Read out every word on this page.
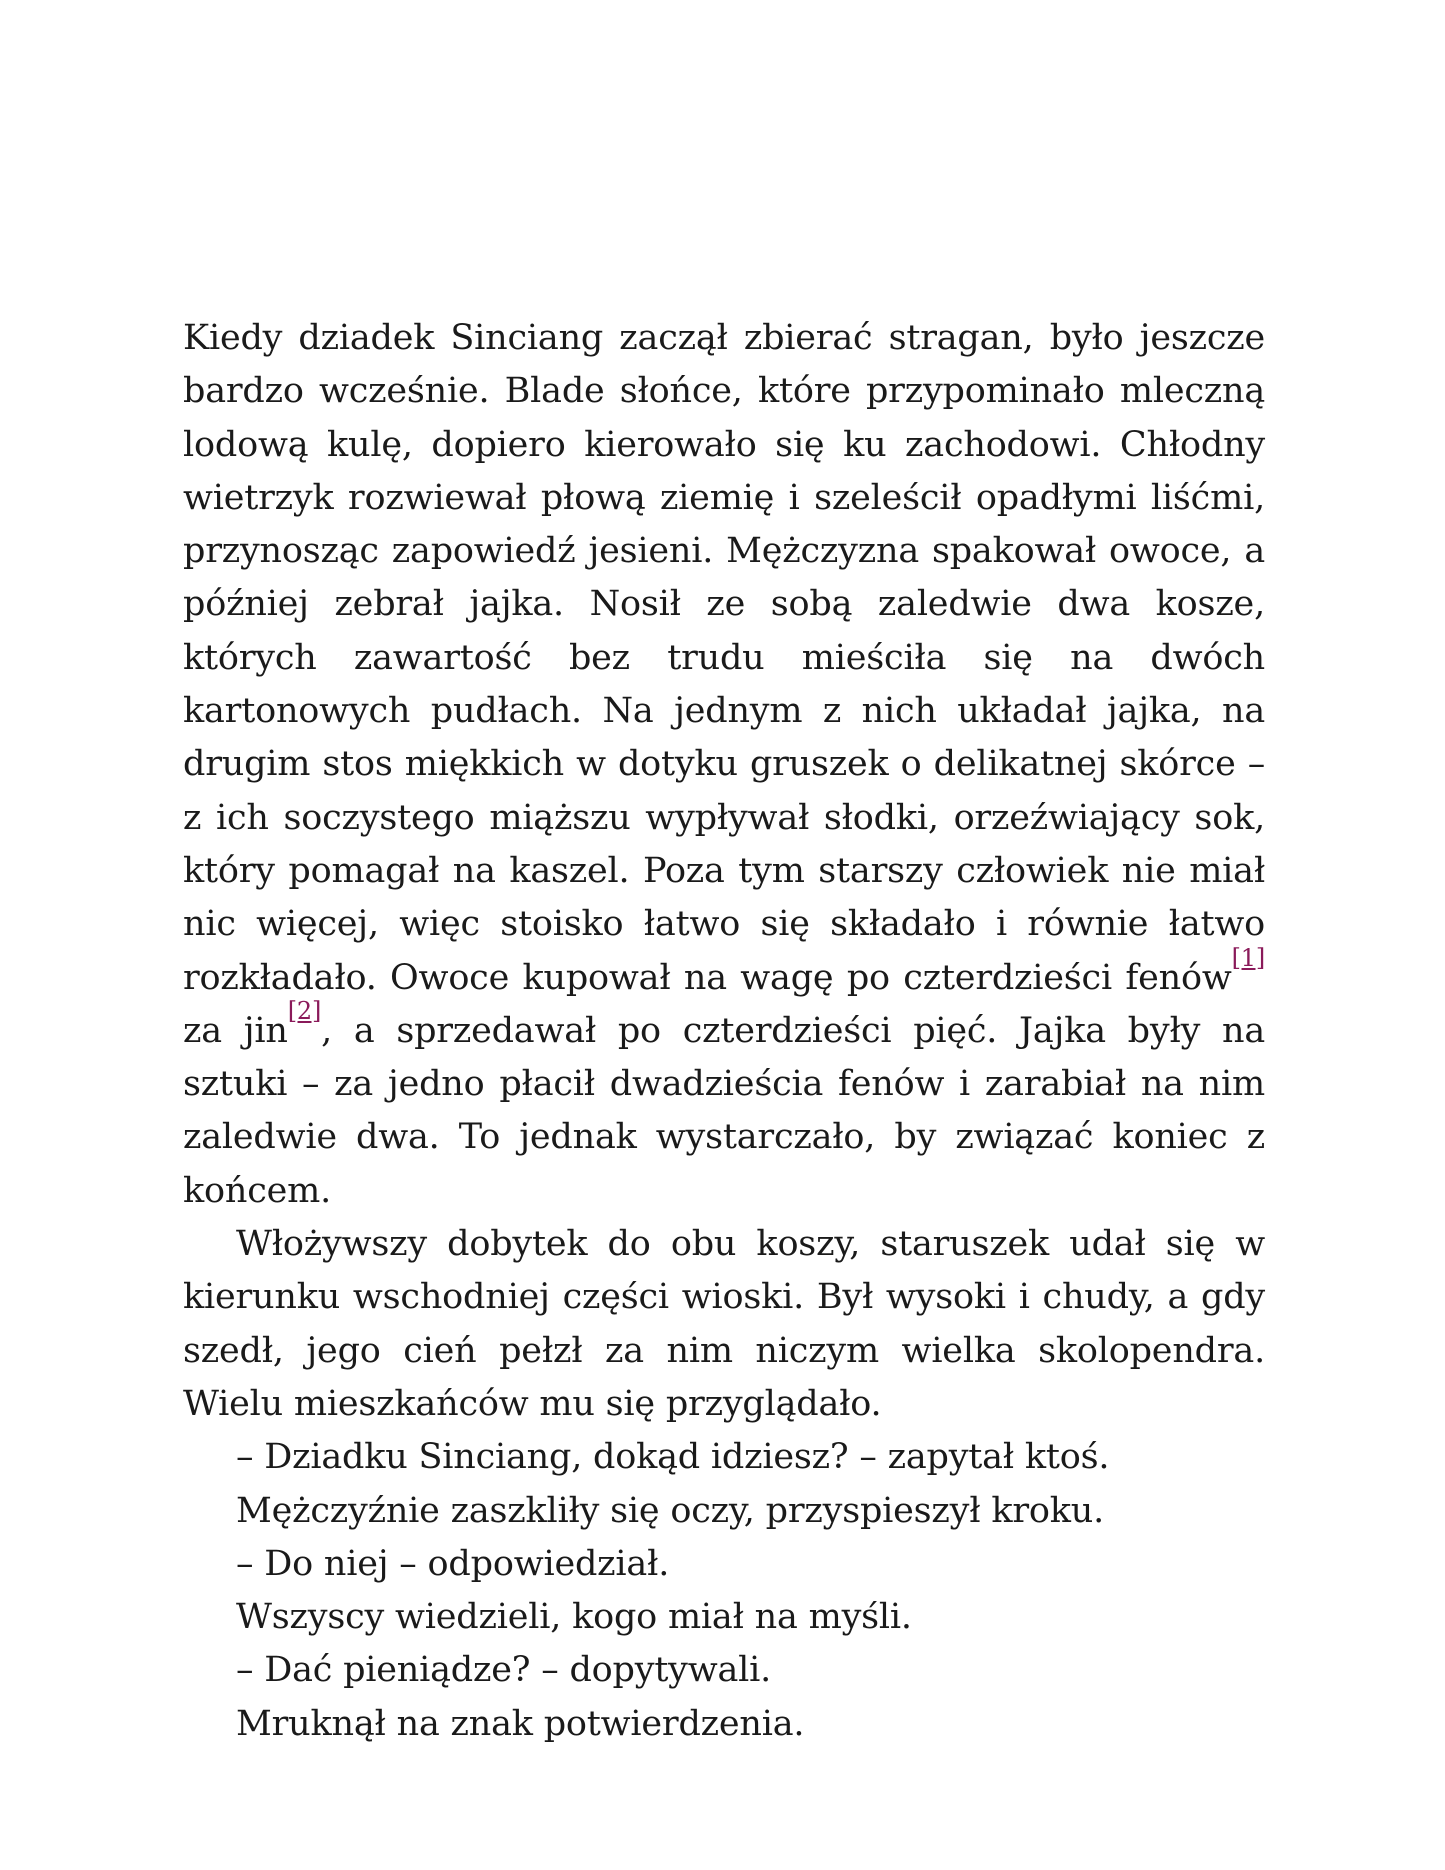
Kiedy dziadek Sinciang zaczął zbierać stragan, było jeszcze bardzo wcześnie. Blade słońce, które przypominało mleczną lodową kulę, dopiero kierowało się ku zachodowi. Chłodny wietrzyk rozwiewał płową ziemię i szeleścił opadłymi liśćmi, przynosząc zapowiedź jesieni. Mężczyzna spakował owoce, a później zebrał jajka. Nosił ze sobą zaledwie dwa kosze, których zawartość bez trudu mieściła się na dwóch kartonowych pudłach. Na jednym z nich układał jajka, na drugim stos miękkich w dotyku gruszek o delikatnej skórce – z ich soczystego miąższu wypływał słodki, orzeźwiający sok, który pomagał na kaszel. Poza tym starszy człowiek nie miał nic więcej, więc stoisko łatwo się składało i równie łatwo rozkładało. Owoce kupował na wagę po czterdzieści fenów[1] za jin[2], a sprzedawał po czterdzieści pięć. Jajka były na sztuki – za jedno płacił dwadzieścia fenów i zarabiał na nim zaledwie dwa. To jednak wystarczało, by związać koniec z końcem.

Włożywszy dobytek do obu koszy, staruszek udał się w kierunku wschodniej części wioski. Był wysoki i chudy, a gdy szedł, jego cień pełzł za nim niczym wielka skolopendra. Wielu mieszkańców mu się przyglądało.

– Dziadku Sinciang, dokąd idziesz? – zapytał ktoś.

Mężczyźnie zaszkliły się oczy, przyspieszył kroku.

– Do niej – odpowiedział.

Wszyscy wiedzieli, kogo miał na myśli.

– Dać pieniądze? – dopytywali.

Mruknął na znak potwierdzenia.
